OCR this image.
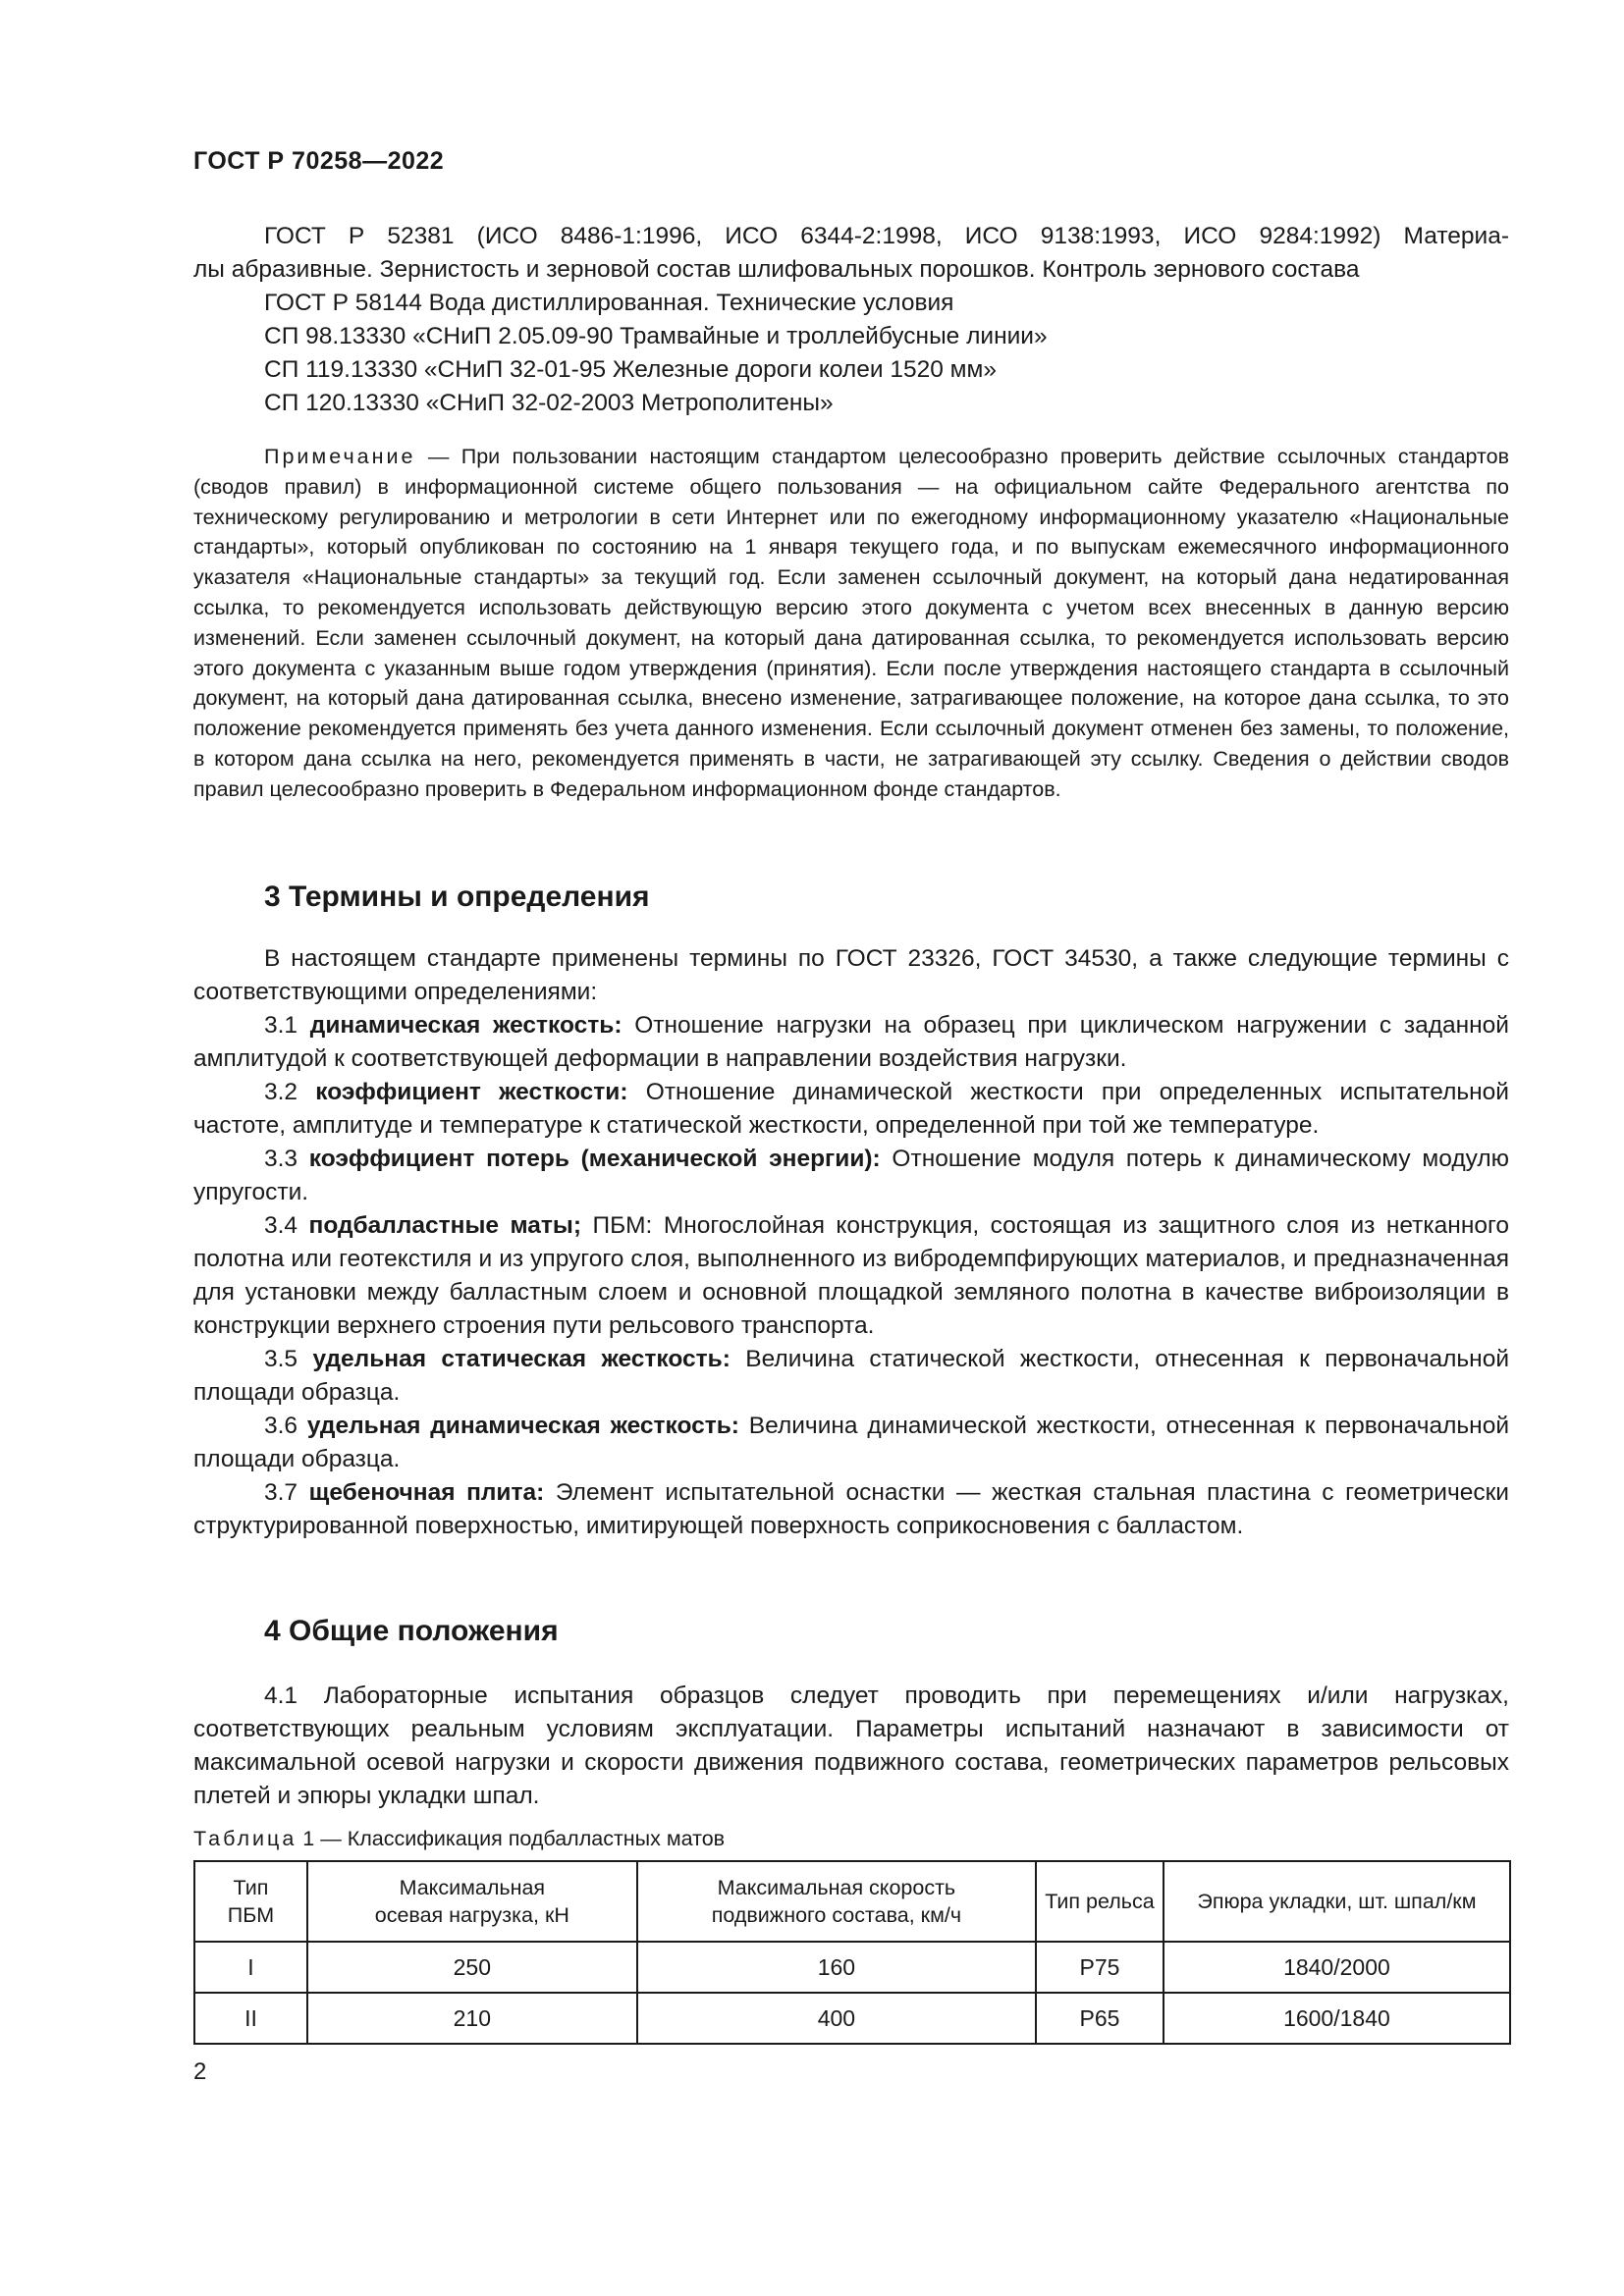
ГОСТ Р 70258—2022

ГОСТ Р 52381 (ИСО 8486-1:1996, ИСО 6344-2:1998, ИСО 9138:1993, ИСО 9284:1992) Материа-

лы абразивные. Зернистость и зерновой состав шлифовальных порошков. Контроль зернового состава

ГОСТ Р 58144 Вода дистиллированная. Технические условия

СП 98.13330 «СНиП 2.05.09-90 Трамвайные и троллейбусные линии»

СП 119.13330 «СНиП 32-01-95 Железные дороги колеи 1520 мм»

СП 120.13330 «СНиП 32-02-2003 Метрополитены»

Примечание — При пользовании настоящим стандартом целесообразно проверить действие ссылочных стандартов (сводов правил) в информационной системе общего пользования — на официальном сайте Федерального агентства по техническому регулированию и метрологии в сети Интернет или по ежегодному информационному указателю «Национальные стандарты», который опубликован по состоянию на 1 января текущего года, и по выпускам ежемесячного информационного указателя «Национальные стандарты» за текущий год. Если заменен ссылочный документ, на который дана недатированная ссылка, то рекомендуется использовать действующую версию этого документа с учетом всех внесенных в данную версию изменений. Если заменен ссылочный документ, на который дана датированная ссылка, то рекомендуется использовать версию этого документа с указанным выше годом утверждения (принятия). Если после утверждения настоящего стандарта в ссылочный документ, на который дана датированная ссылка, внесено изменение, затрагивающее положение, на которое дана ссылка, то это положение рекомендуется применять без учета данного изменения. Если ссылочный документ отменен без замены, то положение, в котором дана ссылка на него, рекомендуется применять в части, не затрагивающей эту ссылку. Сведения о действии сводов правил целесообразно проверить в Федеральном информационном фонде стандартов.
3 Термины и определения

В настоящем стандарте применены термины по ГОСТ 23326, ГОСТ 34530, а также следующие термины с соответствующими определениями:

3.1 динамическая жесткость: Отношение нагрузки на образец при циклическом нагружении с заданной амплитудой к соответствующей деформации в направлении воздействия нагрузки.

3.2 коэффициент жесткости: Отношение динамической жесткости при определенных испытательной частоте, амплитуде и температуре к статической жесткости, определенной при той же температуре.

3.3 коэффициент потерь (механической энергии): Отношение модуля потерь к динамическому модулю упругости.

3.4 подбалластные маты; ПБМ: Многослойная конструкция, состоящая из защитного слоя из нетканного полотна или геотекстиля и из упругого слоя, выполненного из вибродемпфирующих материалов, и предназначенная для установки между балластным слоем и основной площадкой земляного полотна в качестве виброизоляции в конструкции верхнего строения пути рельсового транспорта.

3.5 удельная статическая жесткость: Величина статической жесткости, отнесенная к первоначальной площади образца.

3.6 удельная динамическая жесткость: Величина динамической жесткости, отнесенная к первоначальной площади образца.

3.7 щебеночная плита: Элемент испытательной оснастки — жесткая стальная пластина с геометрически структурированной поверхностью, имитирующей поверхность соприкосновения с балластом.

4 Общие положения

4.1 Лабораторные испытания образцов следует проводить при перемещениях и/или нагрузках, соответствующих реальным условиям эксплуатации. Параметры испытаний назначают в зависимости от максимальной осевой нагрузки и скорости движения подвижного состава, геометрических параметров рельсовых плетей и эпюры укладки шпал.

Таблица 1 — Классификация подбалластных матов
Тип ПБМ	Максимальная осевая нагрузка, кН	Максимальная скорость подвижного состава, км/ч	Тип рельса	Эпюра укладки, шт. шпал/км
I	250	160	Р75	1840/2000
II	210	400	Р65	1600/1840
2
